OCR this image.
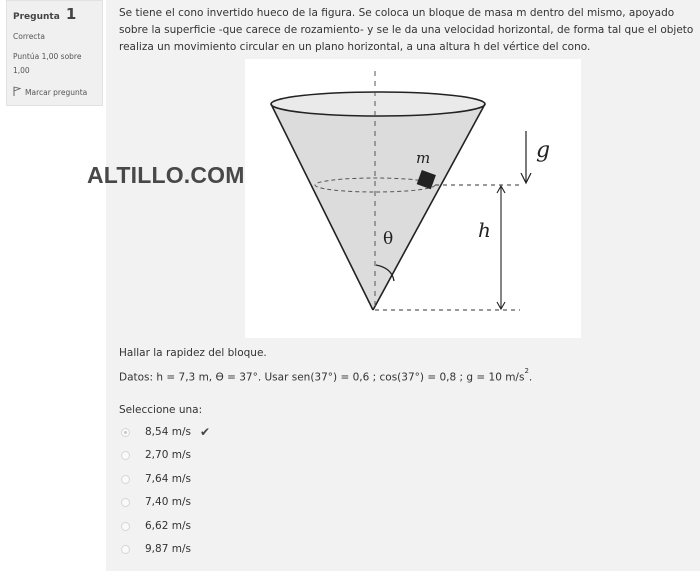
Pregunta 1
Correcta
Puntúa 1,00 sobre
1,00
Marcar pregunta
Se tiene el cono invertido hueco de la figura. Se coloca un bloque de masa m dentro del mismo, apoyado sobre la superficie -que carece de rozamiento- y se le da una velocidad horizontal, de forma tal que el objeto realiza un movimiento circular en un plano horizontal, a una altura h del vértice del cono.
m
h
g
θ
Hallar la rapidez del bloque.
Datos: h = 7,3 m, ϴ = 37°. Usar sen(37°) = 0,6 ; cos(37°) = 0,8 ; g = 10 $m/s^2$.
Seleccione una:
8,54 m/s ✔
2,70 m/s
7,64 m/s
7,40 m/s
6,62 m/s
9,87 m/s
ALTILLO.COM
